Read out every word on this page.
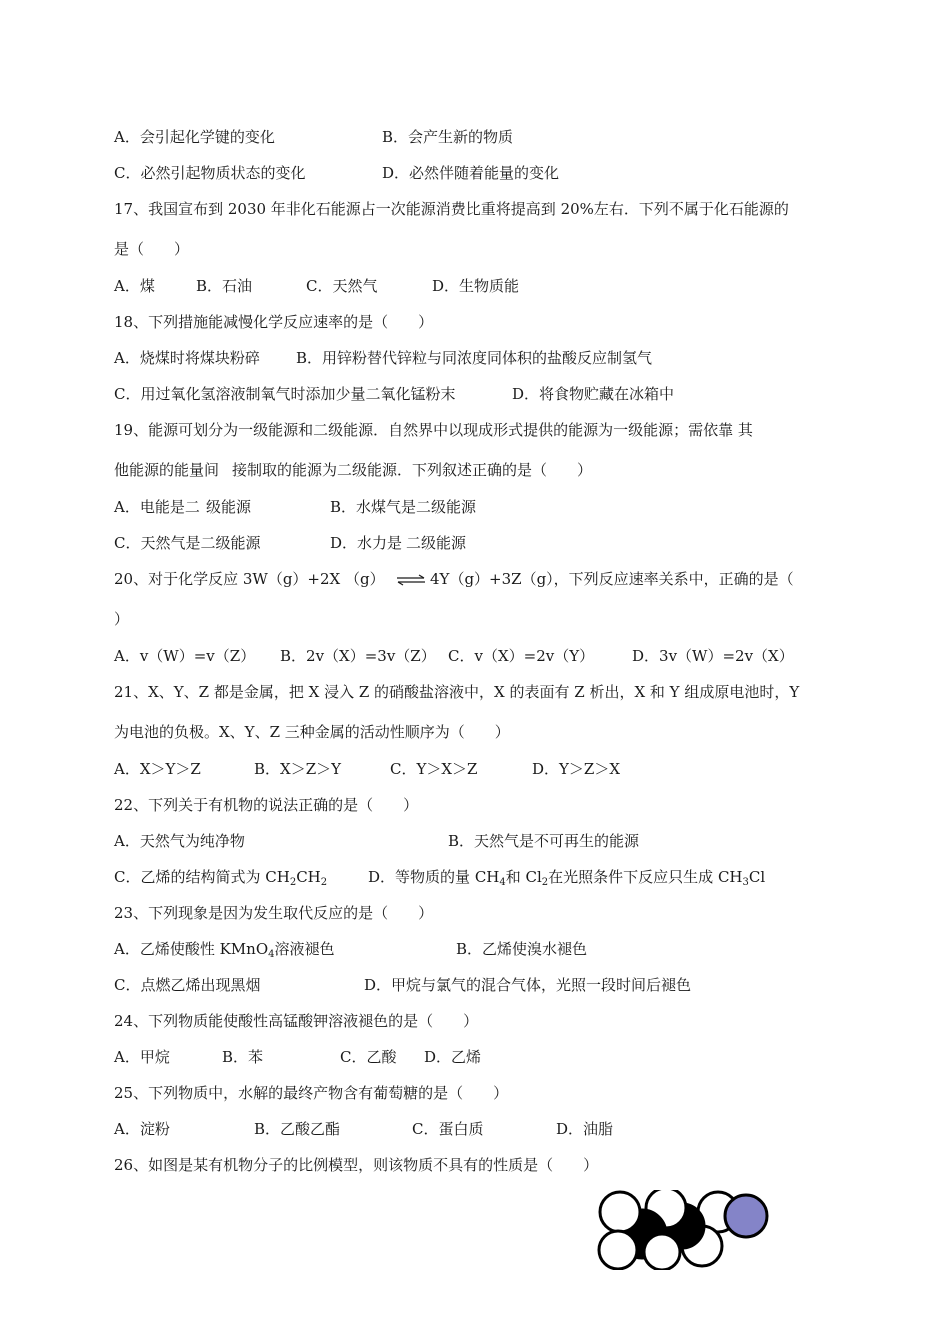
A．会引起化学键的变化	B．会产生新的物质
C．必然引起物质状态的变化	D．必然伴随着能量的变化
17、我国宣布到 2030 年非化石能源占一次能源消费比重将提高到 20%左右．下列不属于化石能源的
是（　　）
A．煤	B．石油	C．天然气	D．生物质能
18、下列措施能减慢化学反应速率的是（　　）
A．烧煤时将煤块粉碎 B．用锌粉替代锌粒与同浓度同体积的盐酸反应制氢气
C．用过氧化氢溶液制氧气时添加少量二氧化锰粉末	D．将食物贮藏在冰箱中
19、能源可划分为一级能源和二级能源．自然界中以现成形式提供的能源为一级能源；需依靠 其
他能源的能量间 接制取的能源为二级能源．下列叙述正确的是（　　）
A．电能是二 级能源	B．水煤气是二级能源
C．天然气是二级能源	D．水力是 二级能源
20、对于化学反应 3W（g）+2X （g） ⇌ 4Y（g）+3Z（g），下列反应速率关系中，正确的是（
）
A．v（W）=v（Z） B．2v（X）=3v（Z） C．v（X）=2v（Y）	D．3v（W）=2v（X）
21、X、Y、Z 都是金属，把 X 浸入 Z 的硝酸盐溶液中，X 的表面有 Z 析出，X 和 Y 组成原电池时，Y
为电池的负极。X、Y、Z 三种金属的活动性顺序为（　　）
A．X＞Y＞Z	B．X＞Z＞Y	C．Y＞X＞Z	D．Y＞Z＞X
22、下列关于有机物的说法正确的是（　　）
A．天然气为纯净物	B．天然气是不可再生的能源
C．乙烯的结构简式为 $CH_2CH_2$	D．等物质的量 $CH_4$和 $Cl_2$在光照条件下反应只生成 $CH_3Cl$
23、下列现象是因为发生取代反应的是（　　）
A．乙烯使酸性 KMnO$_4$溶液褪色	B．乙烯使溴水褪色
C．点燃乙烯出现黑烟	D．甲烷与氯气的混合气体，光照一段时间后褪色
24、下列物质能使酸性高锰酸钾溶液褪色的是（　　）
A．甲烷	B．苯	C．乙酸 D．乙烯
25、下列物质中，水解的最终产物含有葡萄糖的是（　　）
A．淀粉	B．乙酸乙酯	C．蛋白质	D．油脂
26、如图是某有机物分子的比例模型，则该物质不具有的性质是（　　）
